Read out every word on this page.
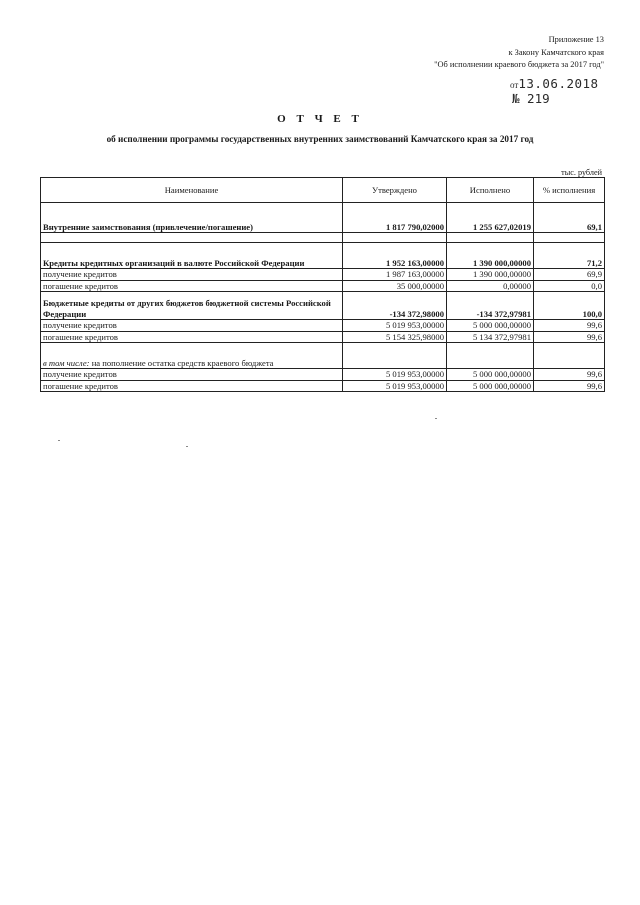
Приложение 13
к Закону Камчатского края
"Об исполнении краевого бюджета за 2017 год"
от13.06.2018
№ 219
О Т Ч Е Т
об исполнении программы государственных внутренних заимствований Камчатского края за 2017 год
тыс. рублей
Наименование	Утверждено	Исполнено	% исполнения
Внутренние заимствования (привлечение/погашение)	1 817 790,02000	1 255 627,02019	69,1

Кредиты кредитных организаций в валюте Российской Федерации	1 952 163,00000	1 390 000,00000	71,2
получение кредитов	1 987 163,00000	1 390 000,00000	69,9
погашение кредитов	35 000,00000	0,00000	0,0
Бюджетные кредиты от других бюджетов бюджетной системы Российской Федерации	-134 372,98000	-134 372,97981	100,0
получение кредитов	5 019 953,00000	5 000 000,00000	99,6
погашение кредитов	5 154 325,98000	5 134 372,97981	99,6
в том числе: на пополнение остатка средств краевого бюджета			
получение кредитов	5 019 953,00000	5 000 000,00000	99,6
погашение кредитов	5 019 953,00000	5 000 000,00000	99,6
